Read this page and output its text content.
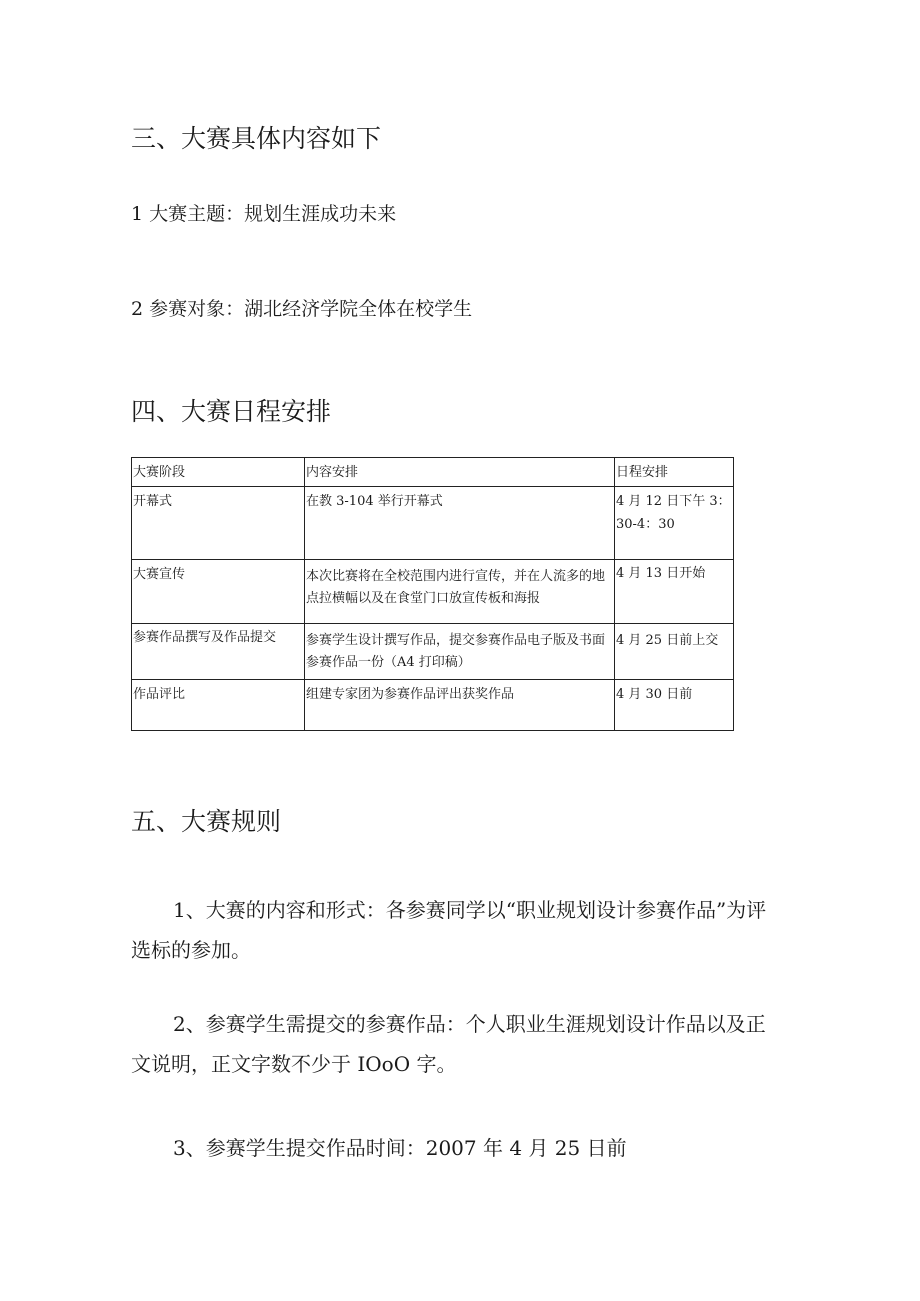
三、大赛具体内容如下
1 大赛主题：规划生涯成功未来
2 参赛对象：湖北经济学院全体在校学生
四、大赛日程安排
大赛阶段	内容安排	日程安排
开幕式	在教 3-104 举行开幕式	4 月 12 日下午 3：30-4：30
大赛宣传	本次比赛将在全校范围内进行宣传，并在人流多的地点拉横幅以及在食堂门口放宣传板和海报	4 月 13 日开始
参赛作品撰写及作品提交	参赛学生设计撰写作品，提交参赛作品电子版及书面参赛作品一份（A4 打印稿）	4 月 25 日前上交
作品评比	组建专家团为参赛作品评出获奖作品	4 月 30 日前
五、大赛规则
1、大赛的内容和形式：各参赛同学以“职业规划设计参赛作品”为评选标的参加。
2、参赛学生需提交的参赛作品：个人职业生涯规划设计作品以及正文说明，正文字数不少于 IOoO 字。
3、参赛学生提交作品时间：2007 年 4 月 25 日前
